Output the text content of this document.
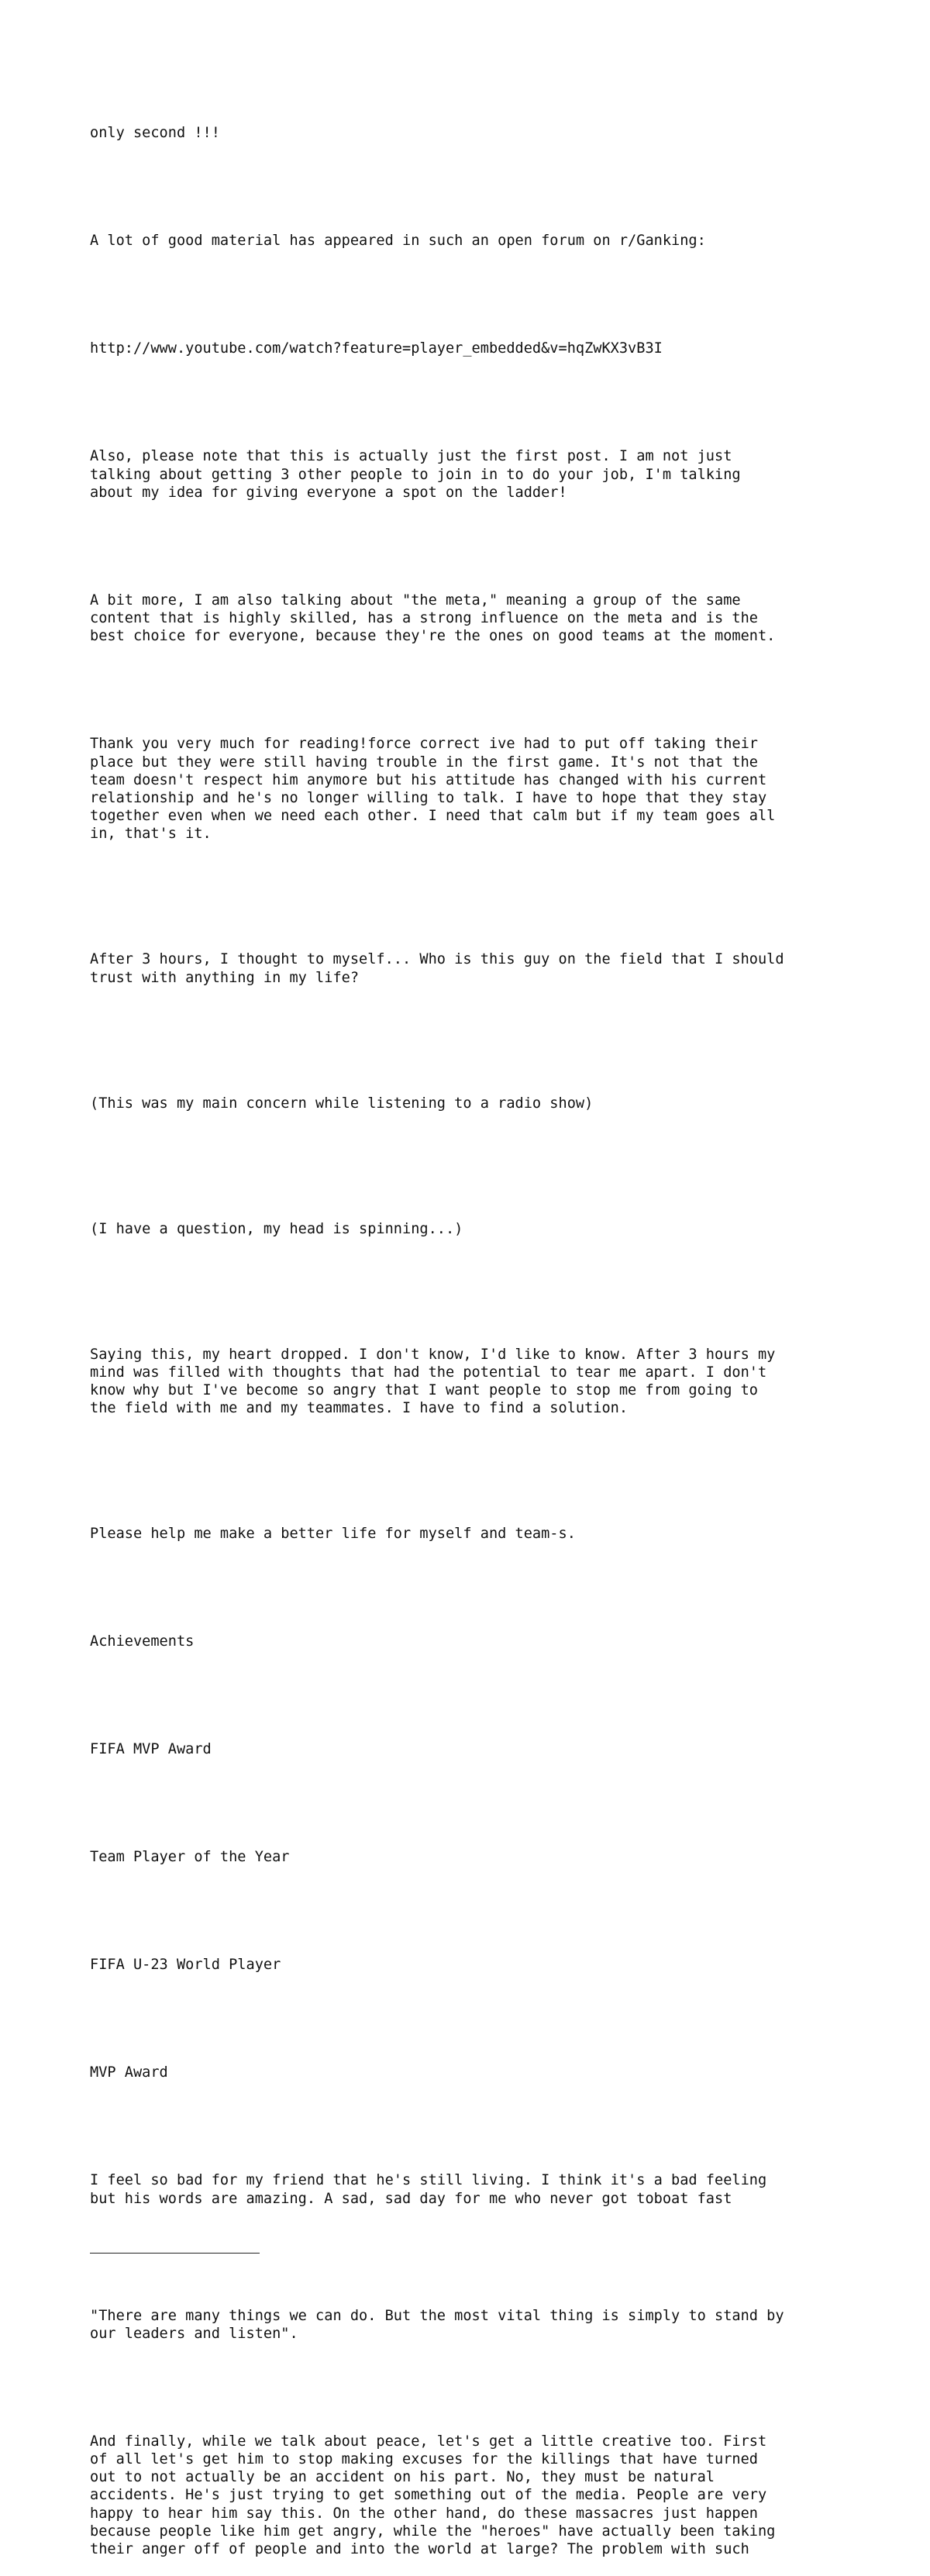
only second !!!

A lot of good material has appeared in such an open forum on r/Ganking:

http://www.youtube.com/watch?feature=player_embedded&v=hqZwKX3vB3I

Also, please note that this is actually just the first post. I am not just
talking about getting 3 other people to join in to do your job, I'm talking
about my idea for giving everyone a spot on the ladder!

A bit more, I am also talking about "the meta," meaning a group of the same
content that is highly skilled, has a strong influence on the meta and is the
best choice for everyone, because they're the ones on good teams at the moment.

Thank you very much for reading!force correct ive had to put off taking their
place but they were still having trouble in the first game. It's not that the
team doesn't respect him anymore but his attitude has changed with his current
relationship and he's no longer willing to talk. I have to hope that they stay
together even when we need each other. I need that calm but if my team goes all
in, that's it.

After 3 hours, I thought to myself... Who is this guy on the field that I should
trust with anything in my life?

(This was my main concern while listening to a radio show)

(I have a question, my head is spinning...)

Saying this, my heart dropped. I don't know, I'd like to know. After 3 hours my
mind was filled with thoughts that had the potential to tear me apart. I don't
know why but I've become so angry that I want people to stop me from going to
the field with me and my teammates. I have to find a solution.

Please help me make a better life for myself and team-s.

Achievements

FIFA MVP Award

Team Player of the Year

FIFA U-23 World Player

MVP Award

I feel so bad for my friend that he's still living. I think it's a bad feeling
but his words are amazing. A sad, sad day for me who never got toboat fast

"There are many things we can do. But the most vital thing is simply to stand by
our leaders and listen".

And finally, while we talk about peace, let's get a little creative too. First
of all let's get him to stop making excuses for the killings that have turned
out to not actually be an accident on his part. No, they must be natural
accidents. He's just trying to get something out of the media. People are very
happy to hear him say this. On the other hand, do these massacres just happen
because people like him get angry, while the "heroes" have actually been taking
their anger off of people and into the world at large? The problem with such
